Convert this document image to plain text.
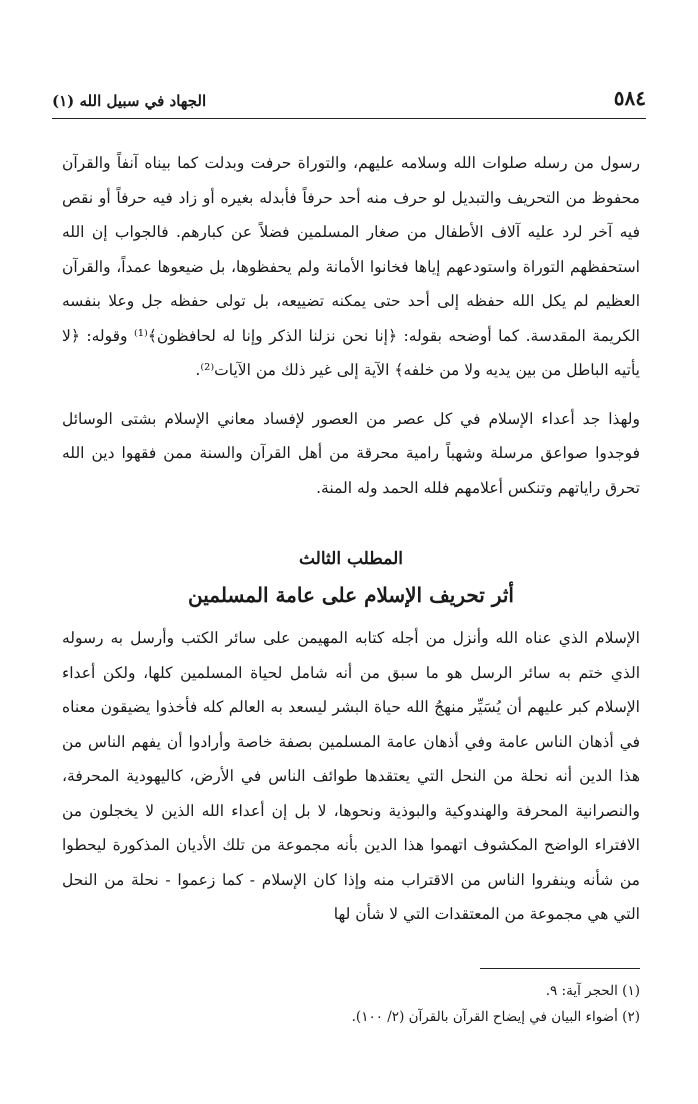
٥٨٤
الجهاد في سبيل الله (١)

رسول من رسله صلوات الله وسلامه عليهم، والتوراة حرفت وبدلت كما بيناه آنفاً والقرآن محفوظ من التحريف والتبديل لو حرف منه أحد حرفاً فأبدله بغيره أو زاد فيه حرفاً أو نقص فيه آخر لرد عليه آلاف الأطفال من صغار المسلمين فضلاً عن كبارهم. فالجواب إن الله استحفظهم التوراة واستودعهم إياها فخانوا الأمانة ولم يحفظوها، بل ضيعوها عمداً، والقرآن العظيم لم يكل الله حفظه إلى أحد حتى يمكنه تضييعه، بل تولى حفظه جل وعلا بنفسه الكريمة المقدسة. كما أوضحه بقوله: ﴿إنا نحن نزلنا الذكر وإنا له لحافظون﴾⁽¹⁾ وقوله: ﴿لا يأتيه الباطل من بين يديه ولا من خلفه﴾ الآية إلى غير ذلك من الآيات⁽²⁾.

ولهذا جد أعداء الإسلام في كل عصر من العصور لإفساد معاني الإسلام بشتى الوسائل فوجدوا صواعق مرسلة وشهباً رامية محرقة من أهل القرآن والسنة ممن فقهوا دين الله تحرق راياتهم وتنكس أعلامهم فلله الحمد وله المنة.

المطلب الثالث
أثر تحريف الإسلام على عامة المسلمين

الإسلام الذي عناه الله وأنزل من أجله كتابه المهيمن على سائر الكتب وأرسل به رسوله الذي ختم به سائر الرسل هو ما سبق من أنه شامل لحياة المسلمين كلها، ولكن أعداء الإسلام كبر عليهم أن يُسَيِّر منهجُ الله حياة البشر ليسعد به العالم كله فأخذوا يضيقون معناه في أذهان الناس عامة وفي أذهان عامة المسلمين بصفة خاصة وأرادوا أن يفهم الناس من هذا الدين أنه نحلة من النحل التي يعتقدها طوائف الناس في الأرض، كاليهودية المحرفة، والنصرانية المحرفة والهندوكية والبوذية ونحوها، لا بل إن أعداء الله الذين لا يخجلون من الافتراء الواضح المكشوف اتهموا هذا الدين بأنه مجموعة من تلك الأديان المذكورة ليحطوا من شأنه وينفروا الناس من الاقتراب منه وإذا كان الإسلام - كما زعموا - نحلة من النحل التي هي مجموعة من المعتقدات التي لا شأن لها

(١) الحجر آية: ٩.

(٢) أضواء البيان في إيضاح القرآن بالقرآن (٢/ ١٠٠).
